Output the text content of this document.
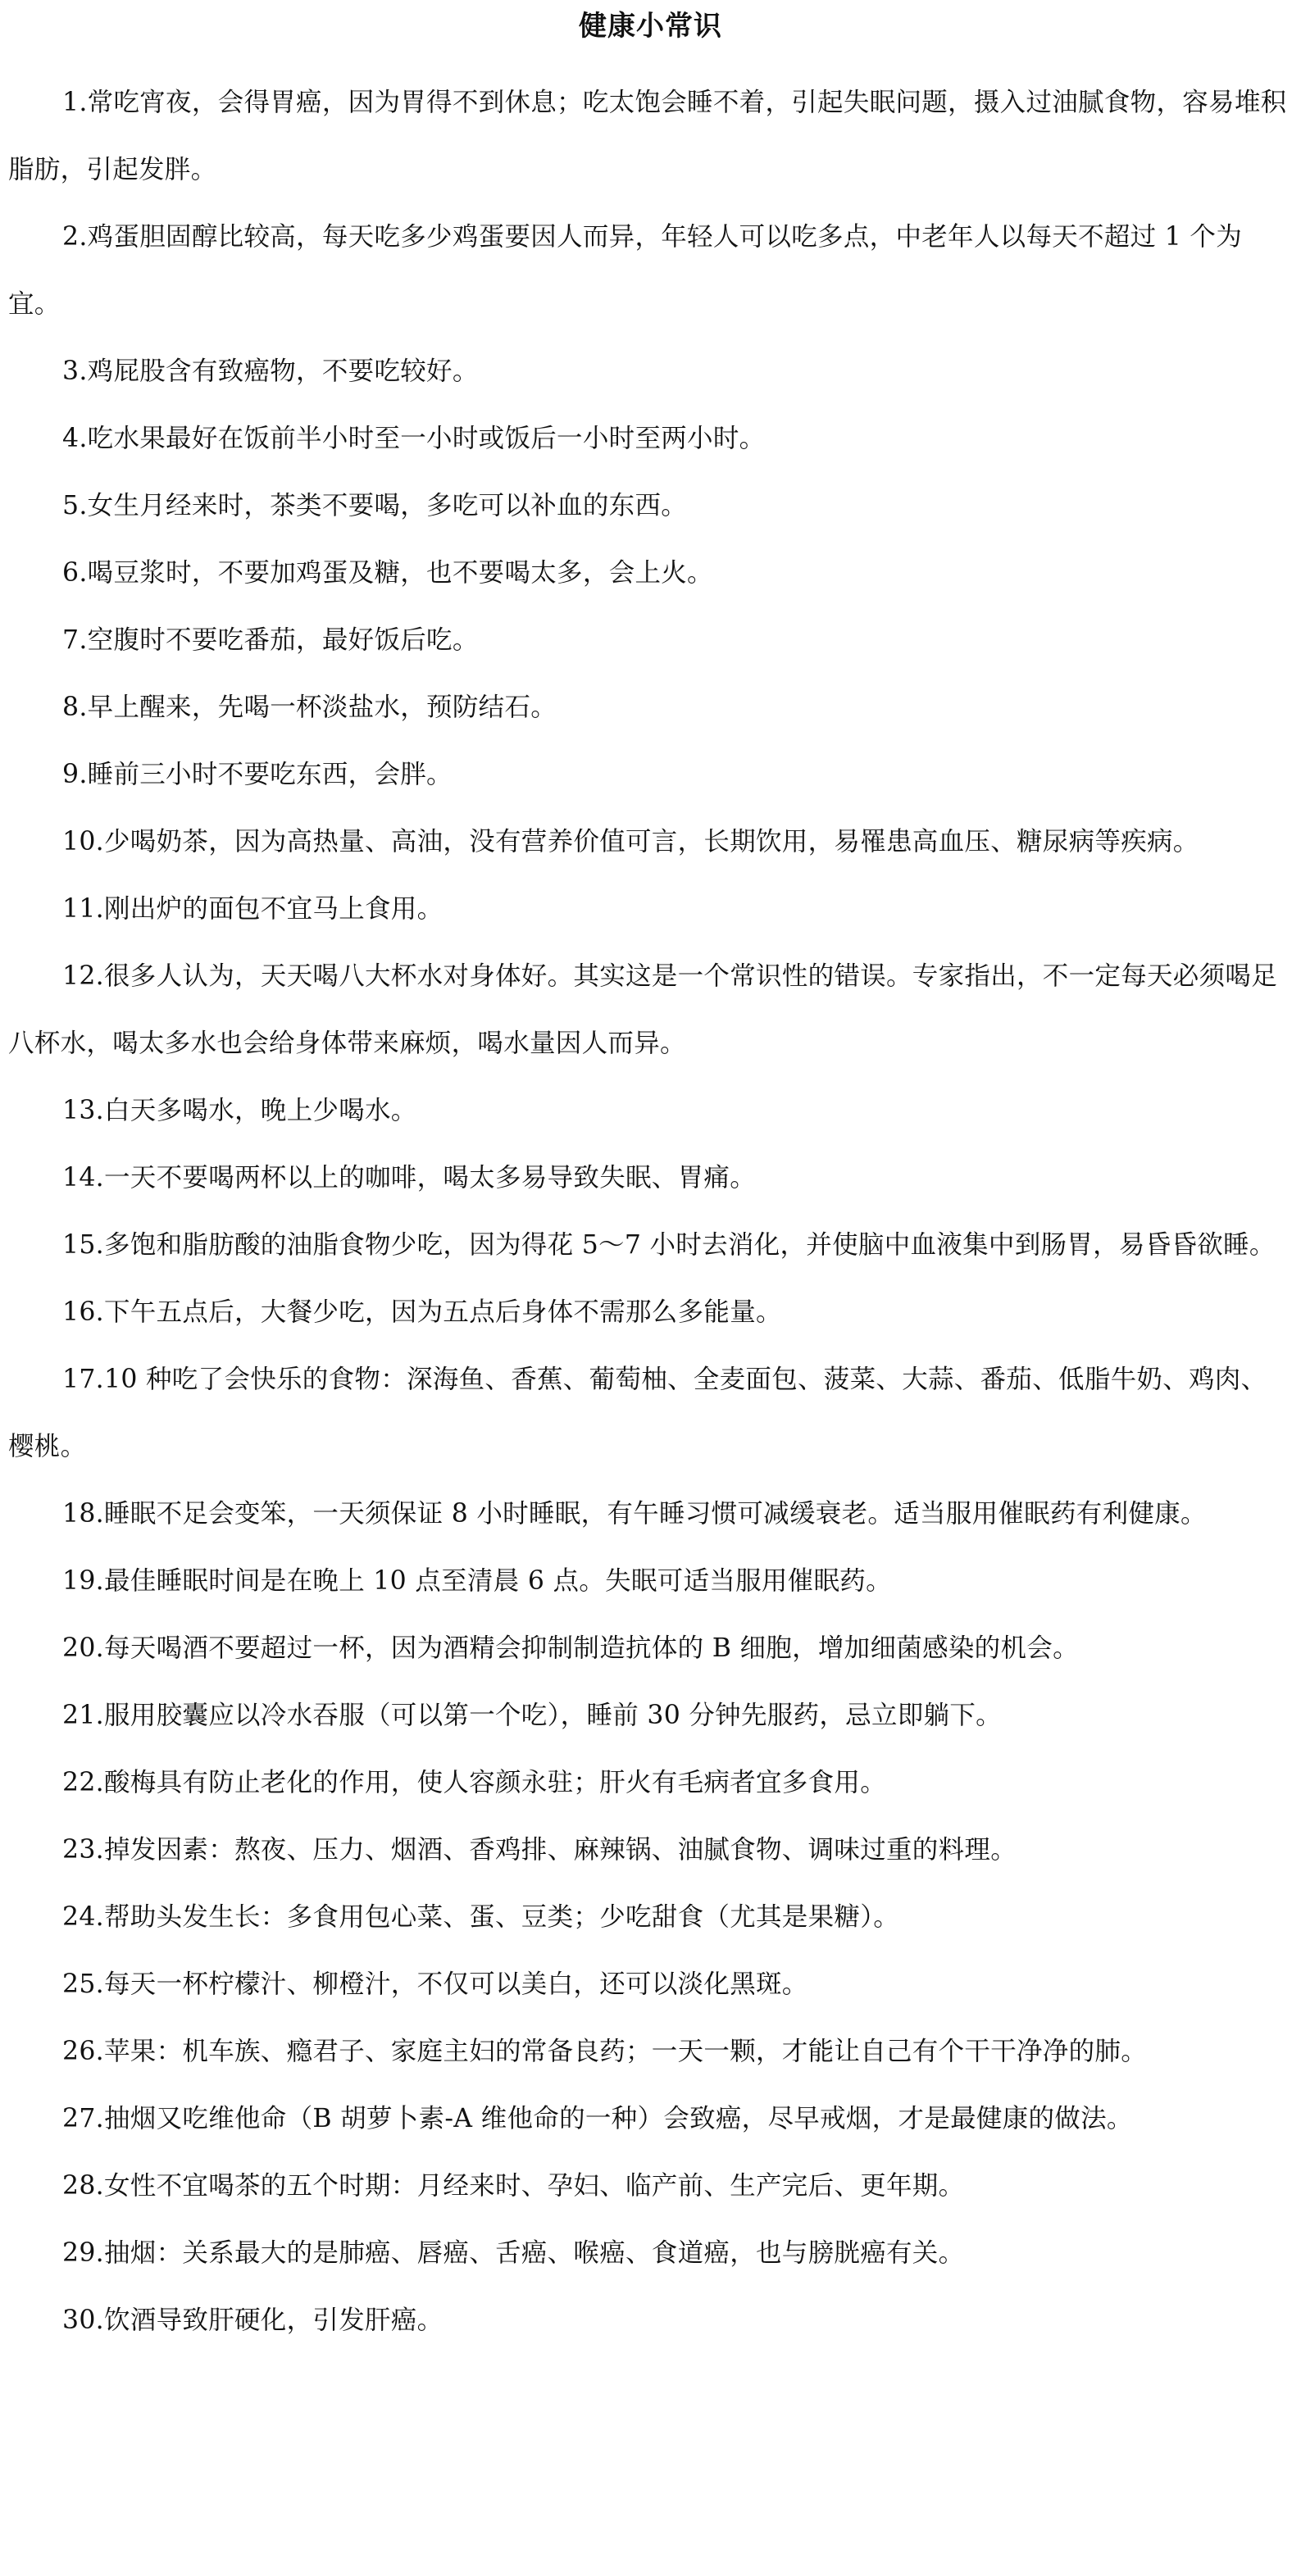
健康小常识

1.常吃宵夜，会得胃癌，因为胃得不到休息；吃太饱会睡不着，引起失眠问题，摄入过油腻食物，容易堆积脂肪，引起发胖。

2.鸡蛋胆固醇比较高，每天吃多少鸡蛋要因人而异，年轻人可以吃多点，中老年人以每天不超过 1 个为宜。

3.鸡屁股含有致癌物，不要吃较好。

4.吃水果最好在饭前半小时至一小时或饭后一小时至两小时。

5.女生月经来时，茶类不要喝，多吃可以补血的东西。

6.喝豆浆时，不要加鸡蛋及糖，也不要喝太多，会上火。

7.空腹时不要吃番茄，最好饭后吃。

8.早上醒来，先喝一杯淡盐水，预防结石。

9.睡前三小时不要吃东西，会胖。

10.少喝奶茶，因为高热量、高油，没有营养价值可言，长期饮用，易罹患高血压、糖尿病等疾病。

11.刚出炉的面包不宜马上食用。

12.很多人认为，天天喝八大杯水对身体好。其实这是一个常识性的错误。专家指出，不一定每天必须喝足八杯水，喝太多水也会给身体带来麻烦，喝水量因人而异。

13.白天多喝水，晚上少喝水。

14.一天不要喝两杯以上的咖啡，喝太多易导致失眠、胃痛。

15.多饱和脂肪酸的油脂食物少吃，因为得花 5～7 小时去消化，并使脑中血液集中到肠胃，易昏昏欲睡。

16.下午五点后，大餐少吃，因为五点后身体不需那么多能量。

17.10 种吃了会快乐的食物：深海鱼、香蕉、葡萄柚、全麦面包、菠菜、大蒜、番茄、低脂牛奶、鸡肉、樱桃。

18.睡眠不足会变笨，一天须保证 8 小时睡眠，有午睡习惯可减缓衰老。适当服用催眠药有利健康。

19.最佳睡眠时间是在晚上 10 点至清晨 6 点。失眠可适当服用催眠药。

20.每天喝酒不要超过一杯，因为酒精会抑制制造抗体的 B 细胞，增加细菌感染的机会。

21.服用胶囊应以冷水吞服（可以第一个吃），睡前 30 分钟先服药，忌立即躺下。

22.酸梅具有防止老化的作用，使人容颜永驻；肝火有毛病者宜多食用。

23.掉发因素：熬夜、压力、烟酒、香鸡排、麻辣锅、油腻食物、调味过重的料理。

24.帮助头发生长：多食用包心菜、蛋、豆类；少吃甜食（尤其是果糖）。

25.每天一杯柠檬汁、柳橙汁，不仅可以美白，还可以淡化黑斑。

26.苹果：机车族、瘾君子、家庭主妇的常备良药；一天一颗，才能让自己有个干干净净的肺。

27.抽烟又吃维他命（B 胡萝卜素-A 维他命的一种）会致癌，尽早戒烟，才是最健康的做法。

28.女性不宜喝茶的五个时期：月经来时、孕妇、临产前、生产完后、更年期。

29.抽烟：关系最大的是肺癌、唇癌、舌癌、喉癌、食道癌，也与膀胱癌有关。

30.饮酒导致肝硬化，引发肝癌。
